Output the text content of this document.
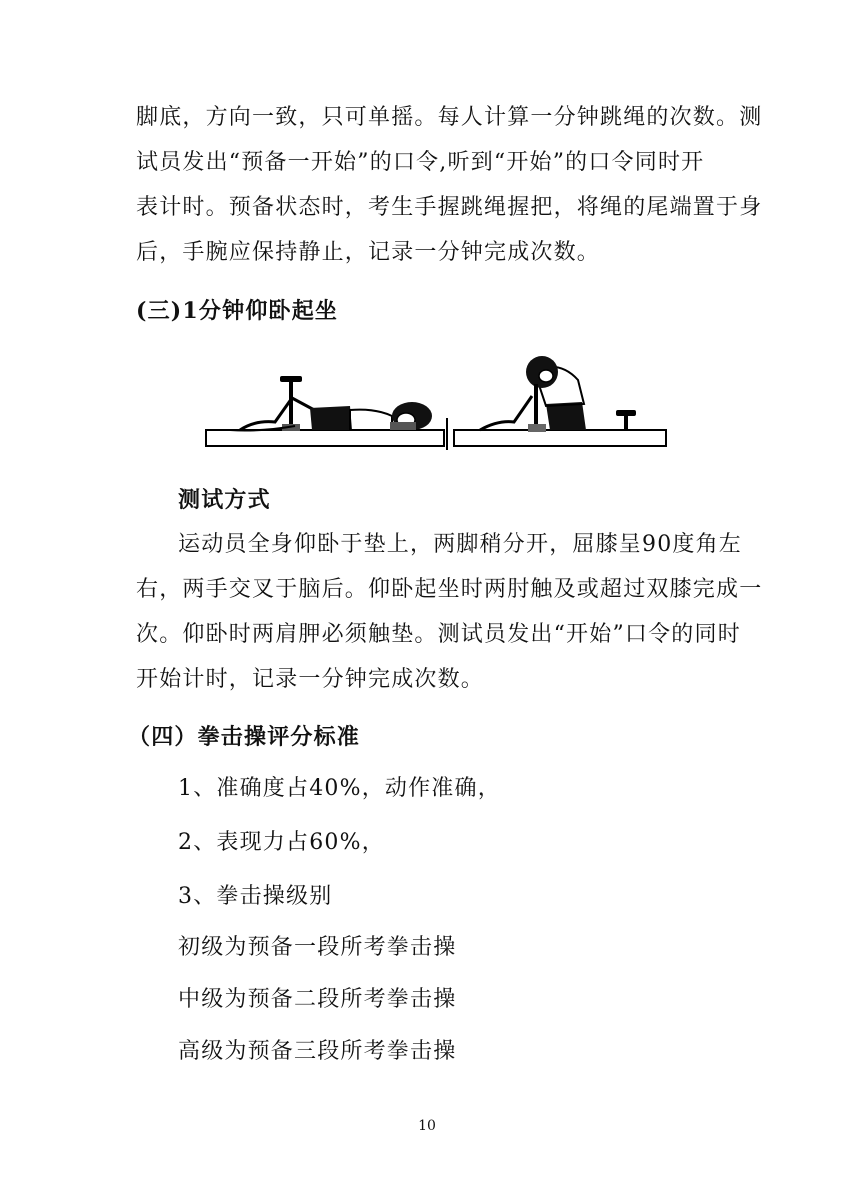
脚底，方向一致，只可单摇。每人计算一分钟跳绳的次数。测
试员发出“预备一开始”的口令,听到“开始”的口令同时开
表计时。预备状态时，考生手握跳绳握把，将绳的尾端置于身
后，手腕应保持静止，记录一分钟完成次数。
(三)1分钟仰卧起坐
测试方式
运动员全身仰卧于垫上，两脚稍分开，屈膝呈90度角左
右，两手交叉于脑后。仰卧起坐时两肘触及或超过双膝完成一
次。仰卧时两肩胛必须触垫。测试员发出“开始”口令的同时
开始计时，记录一分钟完成次数。
（四）拳击操评分标准
1、准确度占40%，动作准确，
2、表现力占60%，
3、拳击操级别
初级为预备一段所考拳击操
中级为预备二段所考拳击操
高级为预备三段所考拳击操
10
